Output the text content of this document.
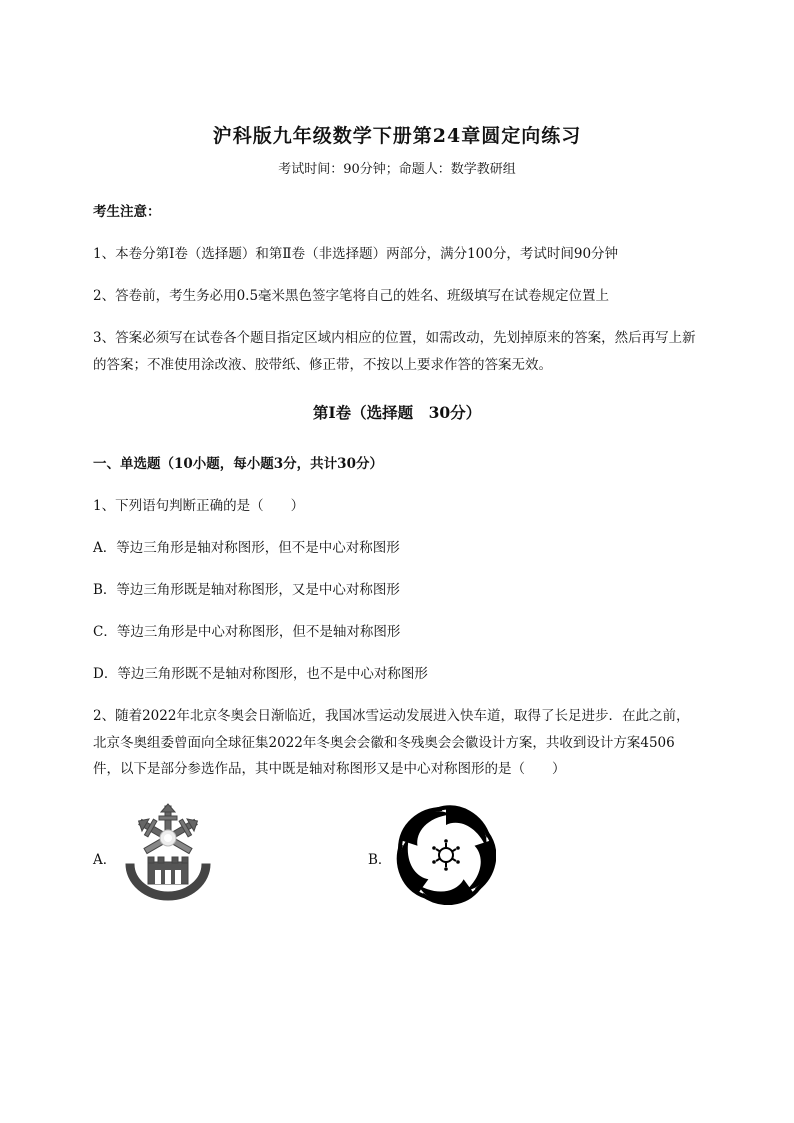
沪科版九年级数学下册第24章圆定向练习
考试时间：90分钟；命题人：数学教研组
考生注意：
1、本卷分第Ⅰ卷（选择题）和第Ⅱ卷（非选择题）两部分，满分100分，考试时间90分钟
2、答卷前，考生务必用0.5毫米黑色签字笔将自己的姓名、班级填写在试卷规定位置上
3、答案必须写在试卷各个题目指定区域内相应的位置，如需改动，先划掉原来的答案，然后再写上新
的答案；不准使用涂改液、胶带纸、修正带，不按以上要求作答的答案无效。
第Ⅰ卷（选择题　30分）
一、单选题（10小题，每小题3分，共计30分）
1、下列语句判断正确的是（　　）
A．等边三角形是轴对称图形，但不是中心对称图形
B．等边三角形既是轴对称图形，又是中心对称图形
C．等边三角形是中心对称图形，但不是轴对称图形
D．等边三角形既不是轴对称图形，也不是中心对称图形
2、随着2022年北京冬奥会日渐临近，我国冰雪运动发展进入快车道，取得了长足进步．在此之前，
北京冬奥组委曾面向全球征集2022年冬奥会会徽和冬残奥会会徽设计方案，共收到设计方案4506
件，以下是部分参选作品，其中既是轴对称图形又是中心对称图形的是（　　）
A．	B．
